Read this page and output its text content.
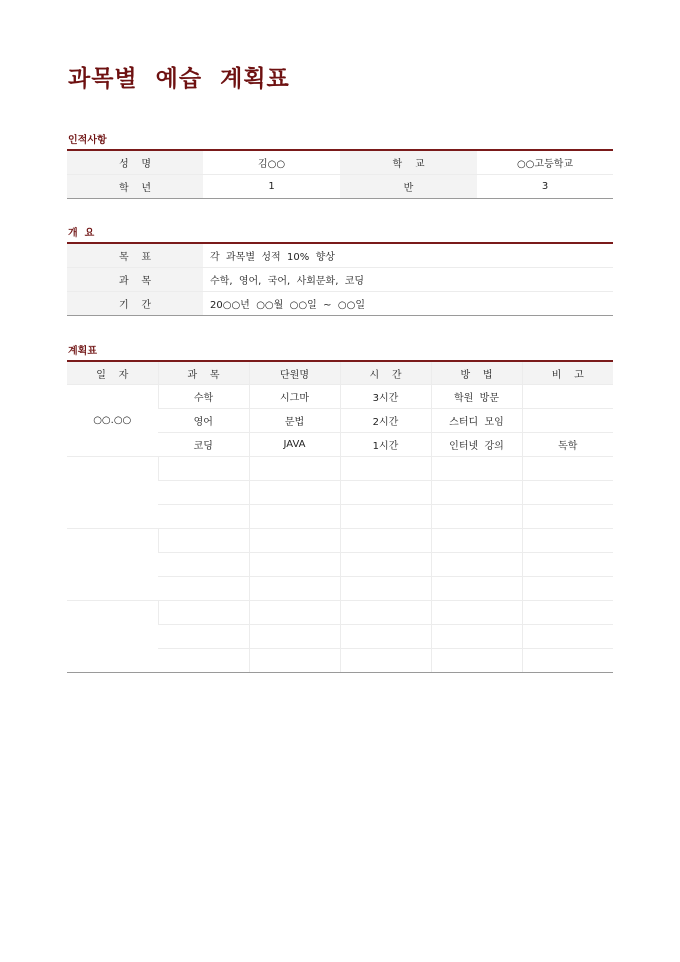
과목별  예습  계획표
인적사항
성    명	김○○	학    교	○○고등학교
학    년	1	반	3
개  요
목    표	각  과목별  성적  10%  향상
과    목	수학,  영어,  국어,  사회문화,  코딩
기    간	20○○년  ○○월  ○○일  ~  ○○일
계획표
일    자	과    목	단원명	시    간	방    법	비    고
○○.○○	수학	시그마	3시간	학원  방문	
	영어	문법	2시간	스터디  모임	
	코딩	JAVA	1시간	인터넷  강의	독학
